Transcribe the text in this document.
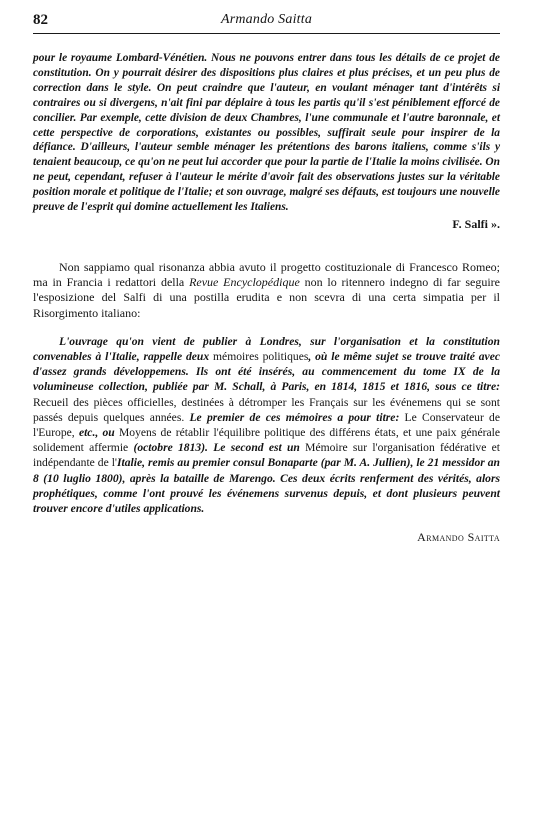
82	Armando Saitta

pour le royaume Lombard-Vénétien. Nous ne pouvons entrer dans tous les détails de ce projet de constitution. On y pourrait désirer des dispositions plus claires et plus précises, et un peu plus de correction dans le style. On peut craindre que l'auteur, en voulant ménager tant d'intérêts si contraires ou si divergens, n'ait fini par déplaire à tous les partis qu'il s'est péniblement efforcé de concilier. Par exemple, cette division de deux Chambres, l'une communale et l'autre baronnale, et cette perspective de corporations, existantes ou possibles, suffirait seule pour inspirer de la défiance. D'ailleurs, l'auteur semble ménager les prétentions des barons italiens, comme s'ils y tenaient beaucoup, ce qu'on ne peut lui accorder que pour la partie de l'Italie la moins civilisée. On ne peut, cependant, refuser à l'auteur le mérite d'avoir fait des observations justes sur la véritable position morale et politique de l'Italie; et son ouvrage, malgré ses défauts, est toujours une nouvelle preuve de l'esprit qui domine actuellement les Italiens.

F. Salfi ».

Non sappiamo qual risonanza abbia avuto il progetto costituzionale di Francesco Romeo; ma in Francia i redattori della Revue Encyclopédique non lo ritennero indegno di far seguire l'esposizione del Salfi di una postilla erudita e non scevra di una certa simpatia per il Risorgimento italiano:

L'ouvrage qu'on vient de publier à Londres, sur l'organisation et la constitution convenables à l'Italie, rappelle deux mémoires politiques, où le même sujet se trouve traité avec d'assez grands développemens. Ils ont été insérés, au commencement du tome IX de la volumineuse collection, publiée par M. Schall, à Paris, en 1814, 1815 et 1816, sous ce titre: Recueil des pièces officielles, destinées à détromper les Français sur les événemens qui se sont passés depuis quelques années. Le premier de ces mémoires a pour titre: Le Conservateur de l'Europe, etc., ou Moyens de rétablir l'équilibre politique des différens états, et une paix générale solidement affermie (octobre 1813). Le second est un Mémoire sur l'organisation fédérative et indépendante de l'Italie, remis au premier consul Bonaparte (par M. A. Jullien), le 21 messidor an 8 (10 luglio 1800), après la bataille de Marengo. Ces deux écrits renferment des vérités, alors prophétiques, comme l'ont prouvé les événemens survenus depuis, et dont plusieurs peuvent trouver encore d'utiles applications.

Armando Saitta
